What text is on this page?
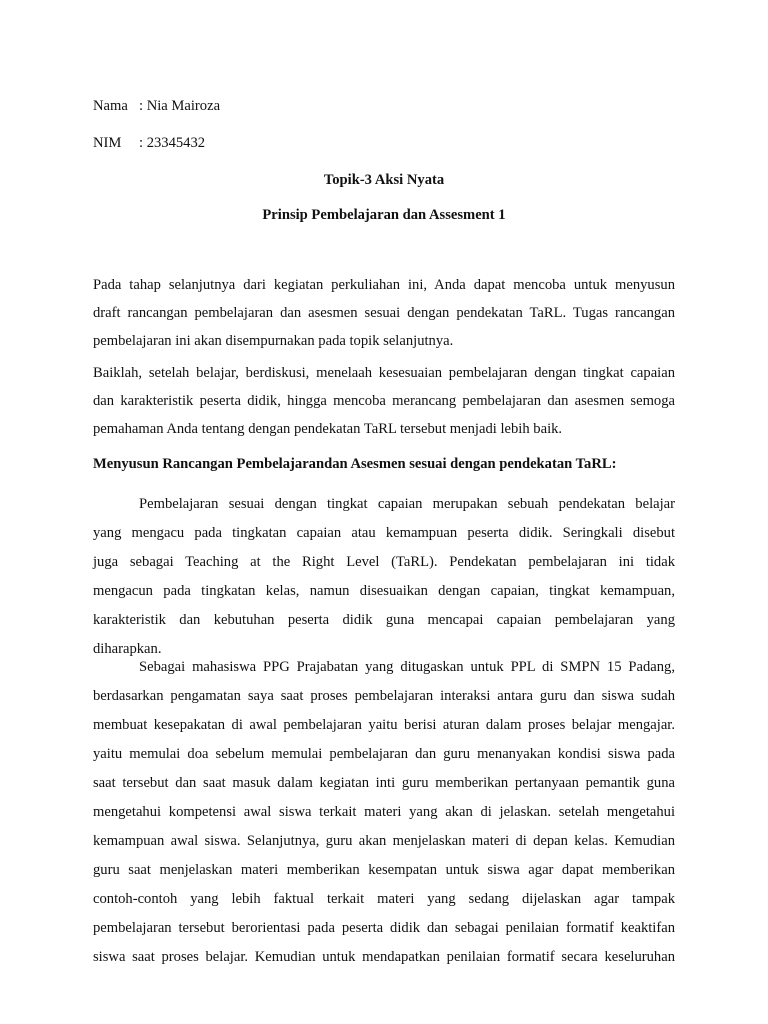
Nama : Nia Mairoza
NIM : 23345432
Topik-3 Aksi Nyata
Prinsip Pembelajaran dan Assesment 1
Pada tahap selanjutnya dari kegiatan perkuliahan ini, Anda dapat mencoba untuk menyusun
draft rancangan pembelajaran dan asesmen sesuai dengan pendekatan TaRL. Tugas rancangan
pembelajaran ini akan disempurnakan pada topik selanjutnya.
Baiklah, setelah belajar, berdiskusi, menelaah kesesuaian pembelajaran dengan tingkat capaian
dan karakteristik peserta didik, hingga mencoba merancang pembelajaran dan asesmen semoga
pemahaman Anda tentang dengan pendekatan TaRL tersebut menjadi lebih baik.
Menyusun Rancangan Pembelajarandan Asesmen sesuai dengan pendekatan TaRL:
Pembelajaran sesuai dengan tingkat capaian merupakan sebuah pendekatan belajar
yang mengacu pada tingkatan capaian atau kemampuan peserta didik. Seringkali disebut
juga sebagai Teaching at the Right Level (TaRL). Pendekatan pembelajaran ini tidak
mengacun pada tingkatan kelas, namun disesuaikan dengan capaian, tingkat kemampuan,
karakteristik dan kebutuhan peserta didik guna mencapai capaian pembelajaran yang
diharapkan.
Sebagai mahasiswa PPG Prajabatan yang ditugaskan untuk PPL di SMPN 15 Padang,
berdasarkan pengamatan saya saat proses pembelajaran interaksi antara guru dan siswa sudah
membuat kesepakatan di awal pembelajaran yaitu berisi aturan dalam proses belajar mengajar.
yaitu memulai doa sebelum memulai pembelajaran dan guru menanyakan kondisi siswa pada
saat tersebut dan saat masuk dalam kegiatan inti guru memberikan pertanyaan pemantik guna
mengetahui kompetensi awal siswa terkait materi yang akan di jelaskan. setelah mengetahui
kemampuan awal siswa. Selanjutnya, guru akan menjelaskan materi di depan kelas. Kemudian
guru saat menjelaskan materi memberikan kesempatan untuk siswa agar dapat memberikan
contoh-contoh yang lebih faktual terkait materi yang sedang dijelaskan agar tampak
pembelajaran tersebut berorientasi pada peserta didik dan sebagai penilaian formatif keaktifan
siswa saat proses belajar. Kemudian untuk mendapatkan penilaian formatif secara keseluruhan
